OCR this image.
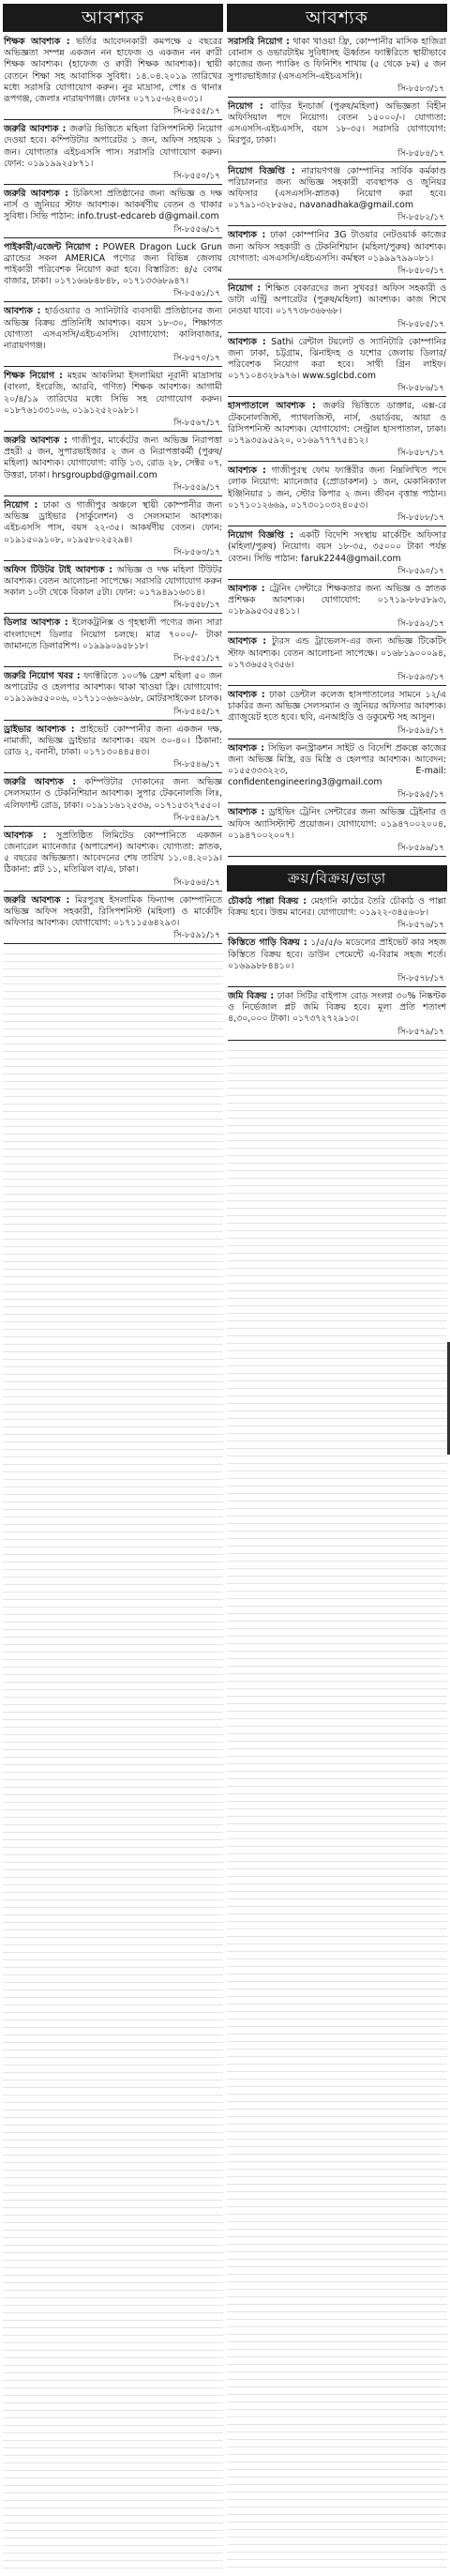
আবশ্যক
শিক্ষক আবশ্যক : ভর্তির আবেদনকারী কমপক্ষে ৫ বছরের অভিজ্ঞতা সম্পন্ন একজন নন হাফেজ ও একজন নন ক্বারী শিক্ষক আবশ্যক। (হাফেজ ও ক্বারী শিক্ষক আবশ্যক)। স্থায়ী বেতনে শিক্ষা সহ আবাসিক সুবিধা। ১৪.০৪.২০১৯ তারিখের মধ্যে সরাসরি যোগাযোগ করুন। নুর মাদ্রাসা, পোঃ ও থানাঃ রূপগঞ্জ, জেলাঃ নারায়ণগঞ্জ। ফোনঃ ০১৭১৫-৬২৪০৩১।
সি-৮৫৫৫/১৭
জরুরি আবশ্যক : জরুরি ভিত্তিতে মহিলা রিসিপশনিস্ট নিয়োগ দেওয়া হবে। কম্পিউটার অপারেটর ১ জন, অফিস সহায়ক ১ জন। যোগ্যতাঃ এইচএসসি পাস। সরাসরি যোগাযোগ করুন। ফোন: ০১৯১৯৯২৫৮৭১।
সি-৮৫৫০/১৭
জরুরি আবশ্যক : চিকিৎসা প্রতিষ্ঠানের জন্য অভিজ্ঞ ও দক্ষ নার্স ও জুনিয়র স্টাফ আবশ্যক। আকর্ষণীয় বেতন ও থাকার সুবিধা। সিভি পাঠান: info.trust-edcareb d@gmail.com
সি-৮৫৫৬/১৭
পাইকারী/এজেন্ট নিয়োগ : POWER Dragon Luck Grun ব্র্যান্ডের সকল AMERICA পণ্যের জন্য বিভিন্ন জেলায় পাইকারী পরিবেশক নিয়োগ করা হবে। বিস্তারিত: ৪/৫ বেগম বাজার, ঢাকা। ০১৭১৬৬৮৪৮৪৮, ০১৭১৩৩৬৮৯৪৭।
সি-৮৫৬১/১৭
আবশ্যক : হার্ডওয়্যার ও স্যানিটারি ব্যবসায়ী প্রতিষ্ঠানের জন্য অভিজ্ঞ বিক্রয় প্রতিনিধি আবশ্যক। বয়স ১৮-৩০, শিক্ষাগত যোগ্যতা এসএসসি/এইচএসসি। যোগাযোগ: কালিবাজার, নারায়ণগঞ্জ।
সি-৮৫৭০/১৭
শিক্ষক নিয়োগ : মহরম আকলিমা ইসলামিয়া নূরানী মাদ্রাসায় (বাংলা, ইংরেজি, আরবি, গণিত) শিক্ষক আবশ্যক। আগামী ২০/৪/১৯ তারিখের মধ্যে সিভি সহ যোগাযোগ করুন। ০১৮৭৬১৩৩১০৬, ০১৯১২৫২০৯৮১।
সি-৮৫৬৭/১৭
জরুরি আবশ্যক : গাজীপুর, মার্কেটের জন্য অভিজ্ঞ নিরাপত্তা প্রহরী ৫ জন, সুপারভাইজার ২ জন ও নিরাপত্তাকর্মী (পুরুষ/মহিলা) আবশ্যক। যোগাযোগ: বাড়ি ১৩, রোড ২৮, সেক্টর ০৭, উত্তরা, ঢাকা। hrsgroupbd@gmail.com
সি-৮৫৫৯/১৭
নিয়োগ : ঢাকা ও গাজীপুর অঞ্চলে স্থায়ী কোম্পানীর জন্য অভিজ্ঞ ড্রাইভার (সার্কুলেশন) ও সেলসম্যান আবশ্যক। এইচএসসি পাস, বয়স ২২-৩৫। আকর্ষণীয় বেতন। ফোন: ০১৯১৫০৯১০৮, ০১৯৫৮০২৫২৯৪।
সি-৮৫৬৩/১৭
অফিস টিউটর টাই আবশ্যক : অভিজ্ঞ ও দক্ষ মহিলা টিউটর আবশ্যক। বেতন আলোচনা সাপেক্ষে। সরাসরি যোগাযোগ করুন সকাল ১০টা থেকে বিকাল ৫টা। ফোন: ০১৭৯৪৯১৬৩১৪।
সি-৮৫৫৮/১৭
ডিলার আবশ্যক : ইলেকট্রনিক্স ও গৃহস্থালী পণ্যের জন্য সারা বাংলাদেশে ডিলার নিয়োগ চলছে। মাত্র ৭০০০/- টাকা জামানতে ডিলারশিপ। ০১৯৯৯০৯৫৮১৮।
সি-৮৫৫১/১৭
জরুরি নিয়োগ খবর : ফ্যাক্টরিতে ১০০% ফ্রেশ মহিলা ৫০ জন অপারেটর ও হেলপার আবশ্যক। থাকা খাওয়া ফ্রি। যোগাযোগ: ০১৯১৯৬৫৫০০৬, ০১৭১১০৬৬০৯৬৮, মোটরসাইকেল চালক।
সি-৮৫৪৫/১৭
ড্রাইভার আবশ্যক : প্রাইভেট কোম্পানীর জন্য একজন দক্ষ, নামাজী, অভিজ্ঞ ড্রাইভার আবশ্যক। বয়স ৩০-৪০। ঠিকানা: রোড ২, বনানী, ঢাকা। ০১৭১৩০৪৪৫৪৩।
সি-৮৫৪৬/১৭
জরুরি আবশ্যক : কম্পিউটার দোকানের জন্য অভিজ্ঞ সেলসম্যান ও টেকনিশিয়ান আবশ্যক। সুপার টেকনোলজি লিঃ, এলিফ্যান্ট রোড, ঢাকা। ০১৯১১৬১২৫৩৬, ০১৭১৫৩২৭৫৫০।
সি-৮৫৪৯/১৭
আবশ্যক : সুপ্রতিষ্ঠিত লিমিটেড কোম্পানিতে একজন জেনারেল ম্যানেজার (অপারেশন) আবশ্যক। যোগ্যতা: স্নাতক, ৫ বছরের অভিজ্ঞতা। আবেদনের শেষ তারিখ ১১.০৪.২০১৯। ঠিকানা: প্লট ১১, মতিঝিল বা/এ, ঢাকা।
সি-৮৫৬৪/১৭
জরুরি আবশ্যক : মিরপুরস্থ ইসলামিক ফিন্যান্স কোম্পানিতে অভিজ্ঞ অফিস সহকারী, রিসিপশনিস্ট (মহিলা) ও মার্কেটিং অফিসার আবশ্যক। যোগাযোগ: ০১৭১১৫৬৪২৯৩।
সি-৮৫৯১/১৭
আবশ্যক
সরাসরি নিয়োগ : থাকা খাওয়া ফ্রি, কোম্পানীর মাসিক হাজিরা বোনাস ও ওভারটাইম সুবিধাসহ ঊর্ধ্বতন ফ্যাক্টরিতে স্থায়ীভাবে কাজের জন্য প্যাকিং ও ফিনিশিং শাখায় (৫ থেকে ৮ম) ৫ জন সুপারভাইজার (এসএসসি-এইচএসসি)।
সি-৮৫৮৩/১৭
নিয়োগ : বাড়ির ইনচার্জ (পুরুষ/মহিলা) অভিজ্ঞতা বিহীন অফিসিয়াল পদে নিয়োগ। বেতন ১৫০০০/-। যোগ্যতা: এসএসসি-এইচএসসি, বয়স ১৮-৩৫। সরাসরি যোগাযোগ: মিরপুর, ঢাকা।
সি-৮৫৮৪/১৭
নিয়োগ বিজ্ঞপ্তি : নারায়ণগঞ্জ কোম্পানির সার্বিক কর্মকাণ্ড পরিচালনার জন্য অভিজ্ঞ সহকারী ব্যবস্থাপক ও জুনিয়র অফিসার (এসএসসি-স্নাতক) নিয়োগ করা হবে। ০১৭৯১-৩২৮৫৬৫, navanadhaka@gmail.com
সি-৮৫৮২/১৭
আবশ্যক : ঢাকা কোম্পানির 3G টাওয়ার নেটওয়ার্ক কাজের জন্য অফিস সহকারী ও টেকনিশিয়ান (মহিলা/পুরুষ) আবশ্যক। যোগ্যতা: এসএসসি/এইচএসসি। কর্মস্থল ০১৯৯৯৭৯৯০৮১।
সি-৮৫৮০/১৭
নিয়োগ : শিক্ষিত বেকারদের জন্য সুখবর! অফিস সহকারী ও ডাটা এন্ট্রি অপারেটর (পুরুষ/মহিলা) আবশ্যক। কাজ শিখে নেওয়া যাবে। ০১৭৭৩৮৩৬৮৬৮।
সি-৮৫৮৫/১৭
আবশ্যক : Sathi রেন্টাল টয়লেট ও স্যানিটারি কোম্পানির জন্য ঢাকা, চট্টগ্রাম, ঝিনাইদহ ও যশোর জেলায় ডিলার/পরিবেশক নিয়োগ করা হবে। সাথী গ্রিন লাইফ। ০১৭১০৪৩২৮৯৭৬। www.sglcbd.com
সি-৮৫৮৬/১৭
হাসপাতালে আবশ্যক : জরুরি ভিত্তিতে ডাক্তার, এক্স-রে টেকনোলজিস্ট, প্যাথলজিস্ট, নার্স, ওয়ার্ডবয়, আয়া ও রিসিপশনিস্ট আবশ্যক। যোগাযোগ: সেন্ট্রাল হাসপাতাল, ঢাকা। ০১৭৯৩৫৯৫৯২০, ০১৬৯৭৭৭৭৫৪১২।
সি-৮৫৮৭/১৭
আবশ্যক : গাজীপুরস্থ ফোম ফ্যাক্টরীর জন্য নিম্নলিখিত পদে লোক নিয়োগ: ম্যানেজার (প্রোডাকশন) ১ জন, মেকানিক্যাল ইঞ্জিনিয়ার ১ জন, স্টোর কিপার ২ জন। জীবন বৃত্তান্ত পাঠান। ০১৭১০১২৬৬৯, ০১৭৩০১০৩২৪০৫৩।
সি-৮৫৮৮/১৭
নিয়োগ বিজ্ঞপ্তি : একটি বিদেশি সংস্থায় মার্কেটিং অফিসার (মহিলা/পুরুষ) নিয়োগ। বয়স ১৮-৩৫, ৩৫০০০ টাকা পর্যন্ত বেতন। সিভি পাঠান: faruk2244@gmail.com
সি-৮৫৯০/১৭
আবশ্যক : ট্রেনিং সেন্টারে শিক্ষকতার জন্য অভিজ্ঞ ও স্নাতক প্রশিক্ষক আবশ্যক। যোগাযোগ: ০১৭১৯-৮৮৫৮৯৩, ০১৮৯৯৫৩৫৫৪১১।
সি-৮৫৯২/১৭
আবশ্যক : ট্যুরস এন্ড ট্রাভেলস-এর জন্য অভিজ্ঞ টিকেটিং স্টাফ আবশ্যক। বেতন আলোচনা সাপেক্ষে। ০১৬৮১৯০০০৯৪, ০১৭৩৬৫৫২৩৫৬।
সি-৮৫৯৩/১৭
আবশ্যক : ঢাকা ডেন্টাল কলেজ হাসপাতালের সামনে ১২/এ চাকরির জন্য অভিজ্ঞ সেলসম্যান ও জুনিয়র অফিসার আবশ্যক। গ্র্যাজুয়েট হতে হবে। ছবি, এনআইডি ও ডকুমেন্ট সহ আসুন।
সি-৮৫৯৪/১৭
আবশ্যক : সিভিল কনস্ট্রাকশন সাইট ও বিদেশি প্রকল্পে কাজের জন্য অভিজ্ঞ মিস্ত্রি, রড মিস্ত্রি ও হেলপার আবশ্যক। আবেদন: ০১৫৫৩৩৩২২৩, E-mail: confidentengineering3@gmail.com
সি-৮৫৯৫/১৭
আবশ্যক : ড্রাইভিং ট্রেনিং সেন্টারের জন্য অভিজ্ঞ ট্রেইনার ও অফিস অ্যাসিস্ট্যান্ট প্রয়োজন। যোগাযোগ: ০১৯৪৭০০২০০৪, ০১৯৪৭০০২০০৭।
সি-৮৫৯৬/১৭
ক্রয়/বিক্রয়/ভাড়া
চৌকাঠ পাল্লা বিক্রয় : মেহগনি কাঠের তৈরি চৌকাঠ ও পাল্লা বিক্রয় হবে। উত্তম মানের। যোগাযোগ: ০১৯২২-৩৪৫৬০৮।
সি-৮৫৭৬/১৭
কিস্তিতে গাড়ি বিক্রয় : ১/৫/৫/৬ মডেলের প্রাইভেট কার সহজ কিস্তিতে বিক্রয় হবে। ডাউন পেমেন্টে এ-বিরাম সহজ শর্তে। ০১৬৯৯৮৮৪৪১০।
সি-৮৫৭৮/১৭
জমি বিক্রয় : ঢাকা সিটির বাইপাস রোড সংলগ্ন ৩০% নিষ্কণ্টক ও নির্ভেজাল প্লট জমি বিক্রয় হবে। মূল্য প্রতি শতাংশ ৪,৩০,০০০ টাকা। ০১৭৩৭২৭২৯১৩।
সি-৮৫৭৯/১৭
